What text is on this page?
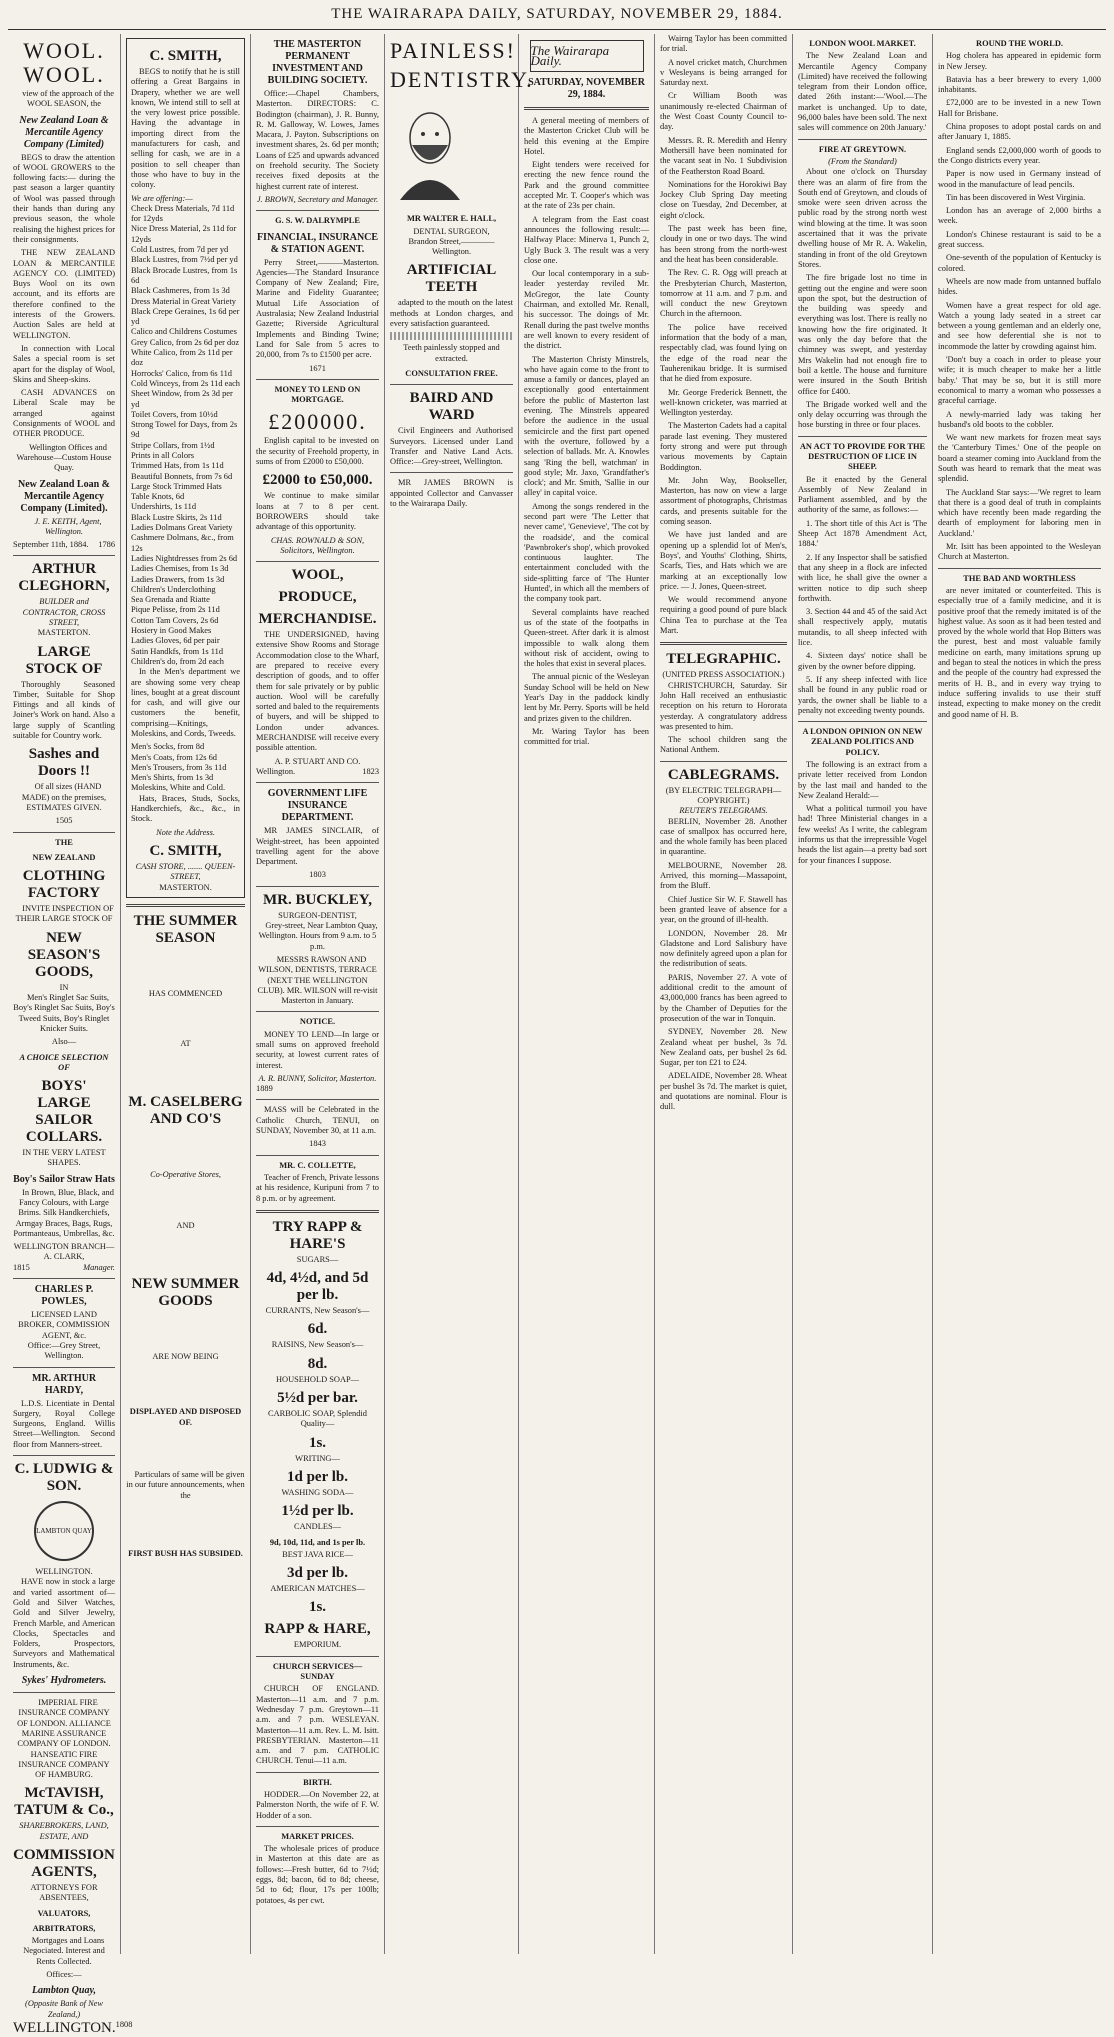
THE WAIRARAPA DAILY, SATURDAY, NOVEMBER 29, 1884.
WOOL. WOOL.

view of the approach of the WOOL SEASON, the

New Zealand Loan & Mercantile Agency Company (Limited)

BEGS to draw the attention of WOOL GROWERS to the following facts:— during the past season a larger quantity of Wool was passed through their hands than during any previous season, the whole realising the highest prices for their consignments.

THE NEW ZEALAND LOAN & MERCANTILE AGENCY CO. (LIMITED) Buys Wool on its own account, and its efforts are therefore confined to the interests of the Growers. Auction Sales are held at WELLINGTON.

In connection with Local Sales a special room is set apart for the display of Wool, Skins and Sheep-skins.

CASH ADVANCES on Liberal Scale may be arranged against Consignments of WOOL and OTHER PRODUCE.

Wellington Offices and Warehouse—Custom House Quay.

New Zealand Loan & Mercantile Agency Company (Limited).

J. E. KEITH, Agent, Wellington.

September 11th, 1884. 1786
ARTHUR CLEGHORN,
BUILDER and CONTRACTOR, CROSS STREET,
MASTERTON.
LARGE STOCK OF

Thoroughly Seasoned Timber, Suitable for Shop Fittings and all kinds of Joiner's Work on hand. Also a large supply of Scantling suitable for Country work.

Sashes and Doors !!

Of all sizes (HAND MADE) on the premises, ESTIMATES GIVEN.

1505
THE
NEW ZEALAND
CLOTHING FACTORY

INVITE INSPECTION OF THEIR LARGE STOCK OF

NEW SEASON'S GOODS,
IN

Men's Ringlet Sac Suits, Boy's Ringlet Sac Suits, Boy's Tweed Suits, Boy's Ringlet Knicker Suits.

Also—
A CHOICE SELECTION OF
BOYS' LARGE SAILOR COLLARS.
IN THE VERY LATEST SHAPES.
Boy's Sailor Straw Hats

In Brown, Blue, Black, and Fancy Colours, with Large Brims. Silk Handkerchiefs, Armgay Braces, Bags, Rugs, Portmanteaus, Umbrellas, &c.

WELLINGTON BRANCH—
A. CLARK,
1815	Manager.
CHARLES P. POWLES,
LICENSED LAND BROKER, COMMISSION AGENT, &c.
Office:—Grey Street, Wellington.
MR. ARTHUR HARDY,

L.D.S. Licentiate in Dental Surgery, Royal College Surgeons, England. Willis Street—Wellington. Second floor from Manners-street.

C. LUDWIG & SON.
LAMBTON QUAY
WELLINGTON.

HAVE now in stock a large and varied assortment of— Gold and Silver Watches, Gold and Silver Jewelry, French Marble, and American Clocks, Spectacles and Folders, Prospectors, Surveyors and Mathematical Instruments, &c.

Sykes' Hydrometers.

IMPERIAL FIRE INSURANCE COMPANY OF LONDON. ALLIANCE MARINE ASSURANCE COMPANY OF LONDON. HANSEATIC FIRE INSURANCE COMPANY OF HAMBURG.

McTAVISH, TATUM & Co.,
SHAREBROKERS, LAND, ESTATE, AND
COMMISSION AGENTS,
ATTORNEYS FOR ABSENTEES,
VALUATORS,
ARBITRATORS,

Mortgages and Loans Negociated. Interest and Rents Collected.

Offices:—
Lambton Quay,
(Opposite Bank of New Zealand,)
WELLINGTON. 1808
C. SMITH,

BEGS to notify that he is still offering a Great Bargains in Drapery, whether we are well known, We intend still to sell at the very lowest price possible. Having the advantage in importing direct from the manufacturers for cash, and selling for cash, we are in a position to sell cheaper than those who have to buy in the colony.

We are offering:—
Check Dress Materials, 7d 11d for 12yds
Nice Dress Material, 2s 11d for 12yds
Cold Lustres, from 7d per yd
Black Lustres, from 7½d per yd
Black Brocade Lustres, from 1s 6d
Black Cashmeres, from 1s 3d
Dress Material in Great Variety
Black Crepe Geraines, 1s 6d per yd
Calico and Childrens Costumes
Grey Calico, from 2s 6d per doz
White Calico, from 2s 11d per doz
Horrocks' Calico, from 6s 11d
Cold Winceys, from 2s 11d each
Sheet Window, from 2s 3d per yd
Toilet Covers, from 10½d
Strong Towel for Days, from 2s 9d
Stripe Collars, from 1½d
Prints in all Colors
Trimmed Hats, from 1s 11d
Beautiful Bonnets, from 7s 6d
Large Stock Trimmed Hats
Table Knots, 6d
Undershirts, 1s 11d
Black Lustre Skirts, 2s 11d
Ladies Dolmans Great Variety
Cashmere Dolmans, &c., from 12s
Ladies Nightdresses from 2s 6d
Ladies Chemises, from 1s 3d
Ladies Drawers, from 1s 3d
Children's Underclothing
Sea Grenada and Riatte
Pique Pelisse, from 2s 11d
Cotton Tam Covers, 2s 6d
Hosiery in Good Makes
Ladies Gloves, 6d per pair
Satin Handkfs, from 1s 11d
Children's do, from 2d each

In the Men's department we are showing some very cheap lines, bought at a great discount for cash, and will give our customers the benefit, comprising—Knitings, Moleskins, and Cords, Tweeds.

Men's Socks, from 8d
Men's Coats, from 12s 6d
Men's Trousers, from 3s 11d
Men's Shirts, from 1s 3d
Moleskins, White and Cold.

Hats, Braces, Studs, Socks, Handkerchiefs, &c., &c., in Stock.

Note the Address.
C. SMITH,
CASH STORE, ....... QUEEN-STREET,
MASTERTON.
THE SUMMER SEASON
HAS COMMENCED
AT
M. CASELBERG AND CO'S
Co-Operative Stores,
AND
NEW SUMMER GOODS
ARE NOW BEING
DISPLAYED AND DISPOSED OF.

Particulars of same will be given in our future announcements, when the

FIRST BUSH HAS SUBSIDED.
THE MASTERTON PERMANENT INVESTMENT AND BUILDING SOCIETY.

Office:—Chapel Chambers, Masterton. DIRECTORS: C. Bodington (chairman), J. R. Bunny, R. M. Galloway, W. Lowes, James Macara, J. Payton. Subscriptions on investment shares, 2s. 6d per month; Loans of £25 and upwards advanced on freehold security. The Society receives fixed deposits at the highest current rate of interest.

J. BROWN, Secretary and Manager.
G. S. W. DALRYMPLE
FINANCIAL, INSURANCE & STATION AGENT.

Perry Street,———Masterton. Agencies—The Standard Insurance Company of New Zealand; Fire, Marine and Fidelity Guarantee; Mutual Life Association of Australasia; New Zealand Industrial Gazette; Riverside Agricultural Implements and Binding Twine; Land for Sale from 5 acres to 20,000, from 7s to £1500 per acre.

1671
MONEY TO LEND ON MORTGAGE.
£200000.

English capital to be invested on the security of Freehold property, in sums of from £2000 to £50,000.

£2000 to £50,000.

We continue to make similar loans at 7 to 8 per cent. BORROWERS should take advantage of this opportunity.

CHAS. ROWNALD & SON, Solicitors, Wellington.
WOOL,
PRODUCE,
MERCHANDISE.

THE UNDERSIGNED, having extensive Show Rooms and Storage Accommodation close to the Wharf, are prepared to receive every description of goods, and to offer them for sale privately or by public auction. Wool will be carefully sorted and baled to the requirements of buyers, and will be shipped to London under advances. MERCHANDISE will receive every possible attention.

A. P. STUART AND CO.
Wellington.	1823
GOVERNMENT LIFE INSURANCE DEPARTMENT.

MR JAMES SINCLAIR, of Weight-street, has been appointed travelling agent for the above Department.

1803
MR. BUCKLEY,
SURGEON-DENTIST,

Grey-street, Near Lambton Quay, Wellington. Hours from 9 a.m. to 5 p.m.

MESSRS RAWSON AND WILSON, DENTISTS, TERRACE (NEXT THE WELLINGTON CLUB). MR. WILSON will re-visit Masterton in January.

NOTICE.

MONEY TO LEND—In large or small sums on approved freehold security, at lowest current rates of interest.

A. R. BUNNY, Solicitor, Masterton.
1889

MASS will be Celebrated in the Catholic Church, TENUI, on SUNDAY, November 30, at 11 a.m.

1843
MR. C. COLLETTE,

Teacher of French, Private lessons at his residence, Kuripuni from 7 to 8 p.m. or by agreement.

TRY RAPP & HARE'S
SUGARS—
4d, 4½d, and 5d per lb.
CURRANTS, New Season's—
6d.
RAISINS, New Season's—
8d.
HOUSEHOLD SOAP—
5½d per bar.
CARBOLIC SOAP, Splendid Quality—
1s.
WRITING—
1d per lb.
WASHING SODA—
1½d per lb.
CANDLES—
9d, 10d, 11d, and 1s per lb.
BEST JAVA RICE—
3d per lb.
AMERICAN MATCHES—
1s.
RAPP & HARE,
EMPORIUM.
CHURCH SERVICES—SUNDAY

CHURCH OF ENGLAND. Masterton—11 a.m. and 7 p.m. Wednesday 7 p.m. Greytown—11 a.m. and 7 p.m. WESLEYAN. Masterton—11 a.m. Rev. L. M. Isitt. PRESBYTERIAN. Masterton—11 a.m. and 7 p.m. CATHOLIC CHURCH. Tenui—11 a.m.

BIRTH.

HODDER.—On November 22, at Palmerston North, the wife of F. W. Hodder of a son.

MARKET PRICES.

The wholesale prices of produce in Masterton at this date are as follows:—Fresh butter, 6d to 7½d; eggs, 8d; bacon, 6d to 8d; cheese, 5d to 6d; flour, 17s per 100lb; potatoes, 4s per cwt.

PAINLESS!
DENTISTRY.
MR WALTER E. HALL,
DENTAL SURGEON,
Brandon Street,————Wellington.
ARTIFICIAL TEETH

adapted to the mouth on the latest methods at London charges, and every satisfaction guaranteed.

Teeth painlessly stopped and extracted.
CONSULTATION FREE.
BAIRD AND WARD

Civil Engineers and Authorised Surveyors. Licensed under Land Transfer and Native Land Acts. Office:—Grey-street, Wellington.

MR JAMES BROWN is appointed Collector and Canvasser to the Wairarapa Daily.

The Wairarapa Daily.
SATURDAY, NOVEMBER 29, 1884.

A general meeting of members of the Masterton Cricket Club will be held this evening at the Empire Hotel.

Eight tenders were received for erecting the new fence round the Park and the ground committee accepted Mr. T. Cooper's which was at the rate of 23s per chain.

A telegram from the East coast announces the following result:— Halfway Place: Minerva 1, Punch 2, Ugly Buck 3. The result was a very close one.

Our local contemporary in a sub-leader yesterday reviled Mr. McGregor, the late County Chairman, and extolled Mr. Renall, his successor. The doings of Mr. Renall during the past twelve months are well known to every resident of the district.

The Masterton Christy Minstrels, who have again come to the front to amuse a family or dances, played an exceptionally good entertainment before the public of Masterton last evening. The Minstrels appeared before the audience in the usual semicircle and the first part opened with the overture, followed by a selection of ballads. Mr. A. Knowles sang 'Ring the bell, watchman' in good style; Mr. Jaxo, 'Grandfather's clock'; and Mr. Smith, 'Sallie in our alley' in capital voice.

Among the songs rendered in the second part were 'The Letter that never came', 'Genevieve', 'The cot by the roadside', and the comical 'Pawnbroker's shop', which provoked continuous laughter. The entertainment concluded with the side-splitting farce of 'The Hunter Hunted', in which all the members of the company took part.

Several complaints have reached us of the state of the footpaths in Queen-street. After dark it is almost impossible to walk along them without risk of accident, owing to the holes that exist in several places.

The annual picnic of the Wesleyan Sunday School will be held on New Year's Day in the paddock kindly lent by Mr. Perry. Sports will be held and prizes given to the children.

Mr. Waring Taylor has been committed for trial.

Wairng Taylor has been committed for trial.

A novel cricket match, Churchmen v Wesleyans is being arranged for Saturday next.

Cr William Booth was unanimously re-elected Chairman of the West Coast County Council to-day.

Messrs. R. R. Meredith and Henry Mothersill have been nominated for the vacant seat in No. 1 Subdivision of the Featherston Road Board.

Nominations for the Horokiwi Bay Jockey Club Spring Day meeting close on Tuesday, 2nd December, at eight o'clock.

The past week has been fine, cloudy in one or two days. The wind has been strong from the north-west and the heat has been considerable.

The Rev. C. R. Ogg will preach at the Presbyterian Church, Masterton, tomorrow at 11 a.m. and 7 p.m. and will conduct the new Greytown Church in the afternoon.

The police have received information that the body of a man, respectably clad, was found lying on the edge of the road near the Tauherenikau bridge. It is surmised that he died from exposure.

Mr. George Frederick Bennett, the well-known cricketer, was married at Wellington yesterday.

The Masterton Cadets had a capital parade last evening. They mustered forty strong and were put through various movements by Captain Boddington.

Mr. John Way, Bookseller, Masterton, has now on view a large assortment of photographs, Christmas cards, and presents suitable for the coming season.

We have just landed and are opening up a splendid lot of Men's, Boys', and Youths' Clothing, Shirts, Scarfs, Ties, and Hats which we are marking at an exceptionally low price. — J. Jones, Queen-street.

We would recommend anyone requiring a good pound of pure black China Tea to purchase at the Tea Mart.

TELEGRAPHIC.
(UNITED PRESS ASSOCIATION.)

CHRISTCHURCH, Saturday. Sir John Hall received an enthusiastic reception on his return to Hororata yesterday. A congratulatory address was presented to him.

The school children sang the National Anthem.

CABLEGRAMS.
(BY ELECTRIC TELEGRAPH—COPYRIGHT.)
REUTER'S TELEGRAMS.

BERLIN, November 28. Another case of smallpox has occurred here, and the whole family has been placed in quarantine.

MELBOURNE, November 28. Arrived, this morning—Massapoint, from the Bluff.

Chief Justice Sir W. F. Stawell has been granted leave of absence for a year, on the ground of ill-health.

LONDON, November 28. Mr Gladstone and Lord Salisbury have now definitely agreed upon a plan for the redistribution of seats.

PARIS, November 27. A vote of additional credit to the amount of 43,000,000 francs has been agreed to by the Chamber of Deputies for the prosecution of the war in Tonquin.

SYDNEY, November 28. New Zealand wheat per bushel, 3s 7d. New Zealand oats, per bushel 2s 6d. Sugar, per ton £21 to £24.

ADELAIDE, November 28. Wheat per bushel 3s 7d. The market is quiet, and quotations are nominal. Flour is dull.

LONDON WOOL MARKET.

The New Zealand Loan and Mercantile Agency Company (Limited) have received the following telegram from their London office, dated 26th instant:—'Wool.—The market is unchanged. Up to date, 96,000 bales have been sold. The next sales will commence on 20th January.'

FIRE AT GREYTOWN.
(From the Standard)

About one o'clock on Thursday there was an alarm of fire from the South end of Greytown, and clouds of smoke were seen driven across the public road by the strong north west wind blowing at the time. It was soon ascertained that it was the private dwelling house of Mr R. A. Wakelin, standing in front of the old Greytown Stores.

The fire brigade lost no time in getting out the engine and were soon upon the spot, but the destruction of the building was speedy and everything was lost. There is really no knowing how the fire originated. It was only the day before that the chimney was swept, and yesterday Mrs Wakelin had not enough fire to boil a kettle. The house and furniture were insured in the South British office for £400.

The Brigade worked well and the only delay occurring was through the hose bursting in three or four places.

AN ACT TO PROVIDE FOR THE DESTRUCTION OF LICE IN SHEEP.

Be it enacted by the General Assembly of New Zealand in Parliament assembled, and by the authority of the same, as follows:—

1. The short title of this Act is 'The Sheep Act 1878 Amendment Act, 1884.'

2. If any Inspector shall be satisfied that any sheep in a flock are infected with lice, he shall give the owner a written notice to dip such sheep forthwith.

3. Section 44 and 45 of the said Act shall respectively apply, mutatis mutandis, to all sheep infected with lice.

4. Sixteen days' notice shall be given by the owner before dipping.

5. If any sheep infected with lice shall be found in any public road or yards, the owner shall be liable to a penalty not exceeding twenty pounds.

A LONDON OPINION ON NEW ZEALAND POLITICS AND POLICY.

The following is an extract from a private letter received from London by the last mail and handed to the New Zealand Herald:—

What a political turmoil you have had! Three Ministerial changes in a few weeks! As I write, the cablegram informs us that the irrepressible Vogel heads the list again—a pretty bad sort for your finances I suppose.

ROUND THE WORLD.

Hog cholera has appeared in epidemic form in New Jersey.

Batavia has a beer brewery to every 1,000 inhabitants.

£72,000 are to be invested in a new Town Hall for Brisbane.

China proposes to adopt postal cards on and after January 1, 1885.

England sends £2,000,000 worth of goods to the Congo districts every year.

Paper is now used in Germany instead of wood in the manufacture of lead pencils.

Tin has been discovered in West Virginia.

London has an average of 2,000 births a week.

London's Chinese restaurant is said to be a great success.

One-seventh of the population of Kentucky is colored.

Wheels are now made from untanned buffalo hides.

Women have a great respect for old age. Watch a young lady seated in a street car between a young gentleman and an elderly one, and see how deferential she is not to incommode the latter by crowding against him.

'Don't buy a coach in order to please your wife; it is much cheaper to make her a little baby.' That may be so, but it is still more economical to marry a woman who possesses a graceful carriage.

A newly-married lady was taking her husband's old boots to the cobbler.

We want new markets for frozen meat says the 'Canterbury Times.' One of the people on board a steamer coming into Auckland from the South was heard to remark that the meat was splendid.

The Auckland Star says:—'We regret to learn that there is a good deal of truth in complaints which have recently been made regarding the dearth of employment for laboring men in Auckland.'

Mr. Isitt has been appointed to the Wesleyan Church at Masterton.

THE BAD AND WORTHLESS

are never imitated or counterfeited. This is especially true of a family medicine, and it is positive proof that the remedy imitated is of the highest value. As soon as it had been tested and proved by the whole world that Hop Bitters was the purest, best and most valuable family medicine on earth, many imitations sprung up and began to steal the notices in which the press and the people of the country had expressed the merits of H. B., and in every way trying to induce suffering invalids to use their stuff instead, expecting to make money on the credit and good name of H. B.
